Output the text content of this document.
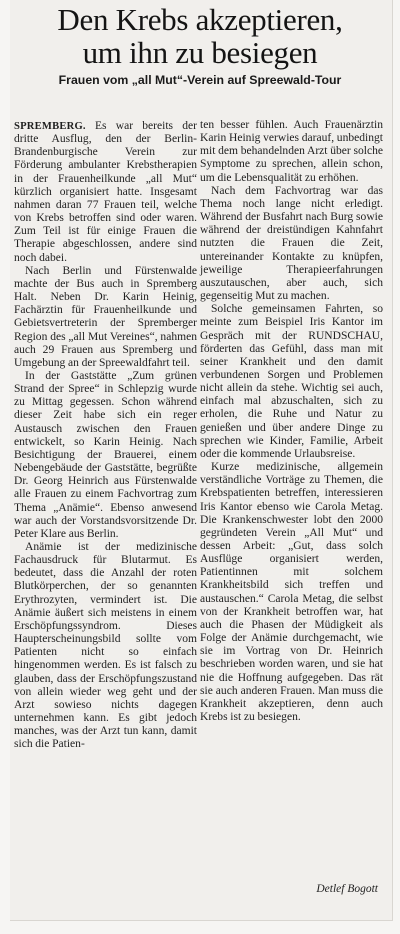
Den Krebs akzeptieren,
um ihn zu besiegen
Frauen vom „all Mut“-Verein auf Spreewald-Tour

SPREMBERG. Es war bereits der dritte Ausflug, den der Berlin-Brandenburgische Verein zur Förderung ambulanter Krebstherapien in der Frauenheilkunde „all Mut“ kürzlich organisiert hatte. Insgesamt nahmen daran 77 Frauen teil, welche von Krebs betroffen sind oder waren. Zum Teil ist für einige Frauen die Therapie abgeschlossen, andere sind noch dabei.

Nach Berlin und Fürstenwalde machte der Bus auch in Spremberg Halt. Neben Dr. Karin Heinig, Fachärztin für Frauenheilkunde und Gebietsvertreterin der Spremberger Region des „all Mut Vereines“, nahmen auch 29 Frauen aus Spremberg und Umgebung an der Spreewaldfahrt teil.

In der Gaststätte „Zum grünen Strand der Spree“ in Schlepzig wurde zu Mittag gegessen. Schon während dieser Zeit habe sich ein reger Austausch zwischen den Frauen entwickelt, so Karin Heinig. Nach Besichtigung der Brauerei, einem Nebengebäude der Gaststätte, begrüßte Dr. Georg Heinrich aus Fürstenwalde alle Frauen zu einem Fachvortrag zum Thema „Anämie“. Ebenso anwesend war auch der Vorstandsvorsitzende Dr. Peter Klare aus Berlin.

Anämie ist der medizinische Fachausdruck für Blutarmut. Es bedeutet, dass die Anzahl der roten Blutkörperchen, der so genannten Erythrozyten, vermindert ist. Die Anämie äußert sich meistens in einem Erschöpfungssyndrom. Dieses Haupterscheinungsbild sollte vom Patienten nicht so einfach hingenommen werden. Es ist falsch zu glauben, dass der Erschöpfungszustand von allein wieder weg geht und der Arzt sowieso nichts dagegen unternehmen kann. Es gibt jedoch manches, was der Arzt tun kann, damit sich die Patien-

ten besser fühlen. Auch Frauenärztin Karin Heinig verwies darauf, unbedingt mit dem behandelnden Arzt über solche Symptome zu sprechen, allein schon, um die Lebensqualität zu erhöhen.

Nach dem Fachvortrag war das Thema noch lange nicht erledigt. Während der Busfahrt nach Burg sowie während der dreistündigen Kahnfahrt nutzten die Frauen die Zeit, untereinander Kontakte zu knüpfen, jeweilige Therapieerfahrungen auszutauschen, aber auch, sich gegenseitig Mut zu machen.

Solche gemeinsamen Fahrten, so meinte zum Beispiel Iris Kantor im Gespräch mit der RUNDSCHAU, förderten das Gefühl, dass man mit seiner Krankheit und den damit verbundenen Sorgen und Problemen nicht allein da stehe. Wichtig sei auch, einfach mal abzuschalten, sich zu erholen, die Ruhe und Natur zu genießen und über andere Dinge zu sprechen wie Kinder, Familie, Arbeit oder die kommende Urlaubsreise.

Kurze medizinische, allgemein verständliche Vorträge zu Themen, die Krebspatienten betreffen, interessieren Iris Kantor ebenso wie Carola Metag. Die Krankenschwester lobt den 2000 gegründeten Verein „All Mut“ und dessen Arbeit: „Gut, dass solch Ausflüge organisiert werden, Patientinnen mit solchem Krankheitsbild sich treffen und austauschen.“ Carola Metag, die selbst von der Krankheit betroffen war, hat auch die Phasen der Müdigkeit als Folge der Anämie durchgemacht, wie sie im Vortrag von Dr. Heinrich beschrieben worden waren, und sie hat nie die Hoffnung aufgegeben. Das rät sie auch anderen Frauen. Man muss die Krankheit akzeptieren, denn auch Krebs ist zu besiegen.

Detlef Bogott
